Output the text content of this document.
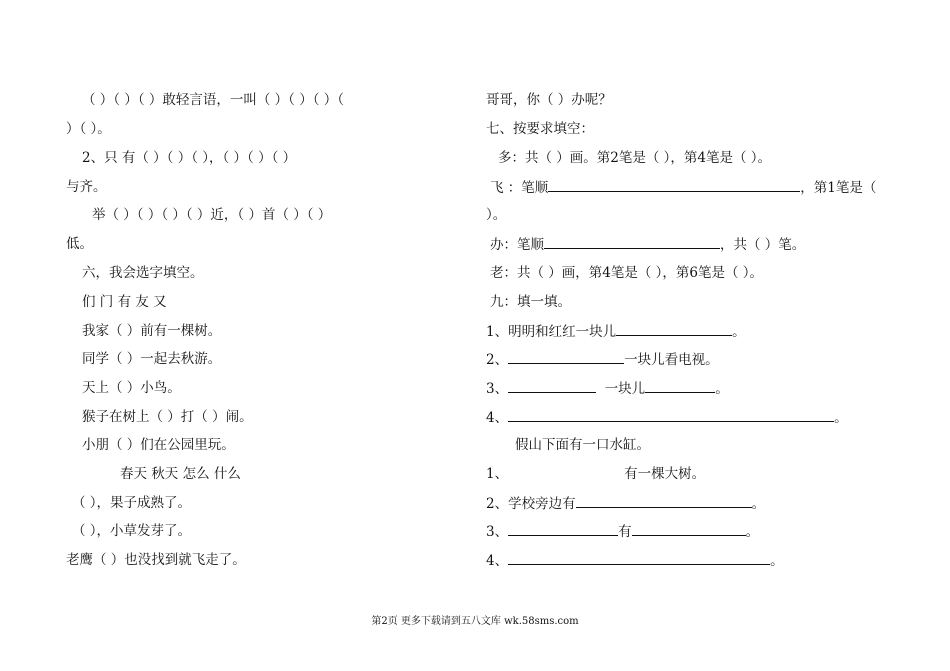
（ ）（ ）（ ）敢轻言语，一叫（ ）（ ）（ ）（
）（ ）。
2、只 有（ ）（ ）（ ），（ ）（ ）（ ）
与齐。
举（ ）（ ）（ ）（ ）近，（ ）首（ ）（ ）
低。
六，我会选字填空。
们 门 有 友 又
我家（ ）前有一棵树。
同学（ ）一起去秋游。
天上（ ）小鸟。
猴子在树上（ ）打（ ）闹。
小朋（ ）们在公园里玩。
春天 秋天 怎么 什么
（ ），果子成熟了。
（ ），小草发芽了。
老鹰（ ）也没找到就飞走了。
哥哥，你（ ）办呢？
七、按要求填空：
多：共（ ）画。第2笔是（ ），第4笔是（ ）。
飞 ：笔顺	，第1笔是（
）。
办：笔顺	，共（ ）笔。
老：共（ ）画，第4笔是（ ），第6笔是（ ）。
九：填一填。
1、明明和红红一块儿	。
2、	一块儿看电视。
3、	一块儿	。
4、	。
假山下面有一口水缸。
1、	有一棵大树。
2、学校旁边有	。
3、	有	。
4、	。
第2页 更多下载请到五八文库 wk.58sms.com
